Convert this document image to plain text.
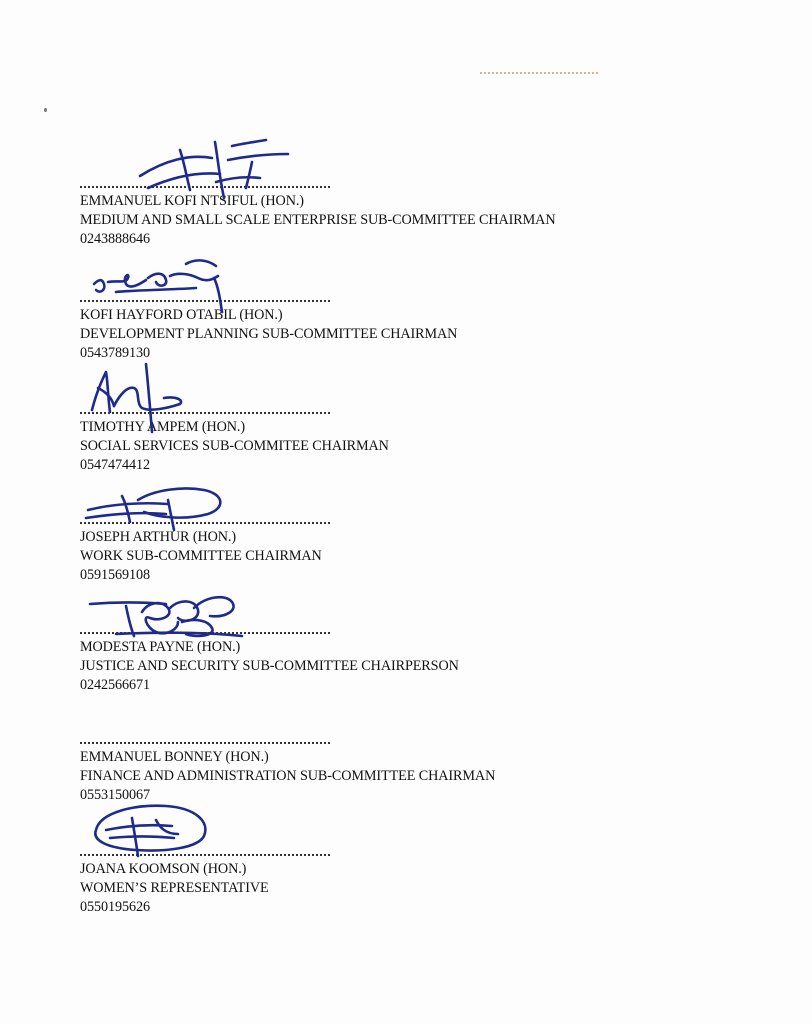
EMMANUEL KOFI NTSIFUL (HON.)
MEDIUM AND SMALL SCALE ENTERPRISE SUB-COMMITTEE CHAIRMAN
0243888646
KOFI HAYFORD OTABIL (HON.)
DEVELOPMENT PLANNING SUB-COMMITTEE CHAIRMAN
0543789130
TIMOTHY AMPEM (HON.)
SOCIAL SERVICES SUB-COMMITEE CHAIRMAN
0547474412
JOSEPH ARTHUR (HON.)
WORK SUB-COMMITTEE CHAIRMAN
0591569108
MODESTA PAYNE (HON.)
JUSTICE AND SECURITY SUB-COMMITTEE CHAIRPERSON
0242566671
EMMANUEL BONNEY (HON.)
FINANCE AND ADMINISTRATION SUB-COMMITTEE CHAIRMAN
0553150067
JOANA KOOMSON (HON.)
WOMEN’S REPRESENTATIVE
0550195626
